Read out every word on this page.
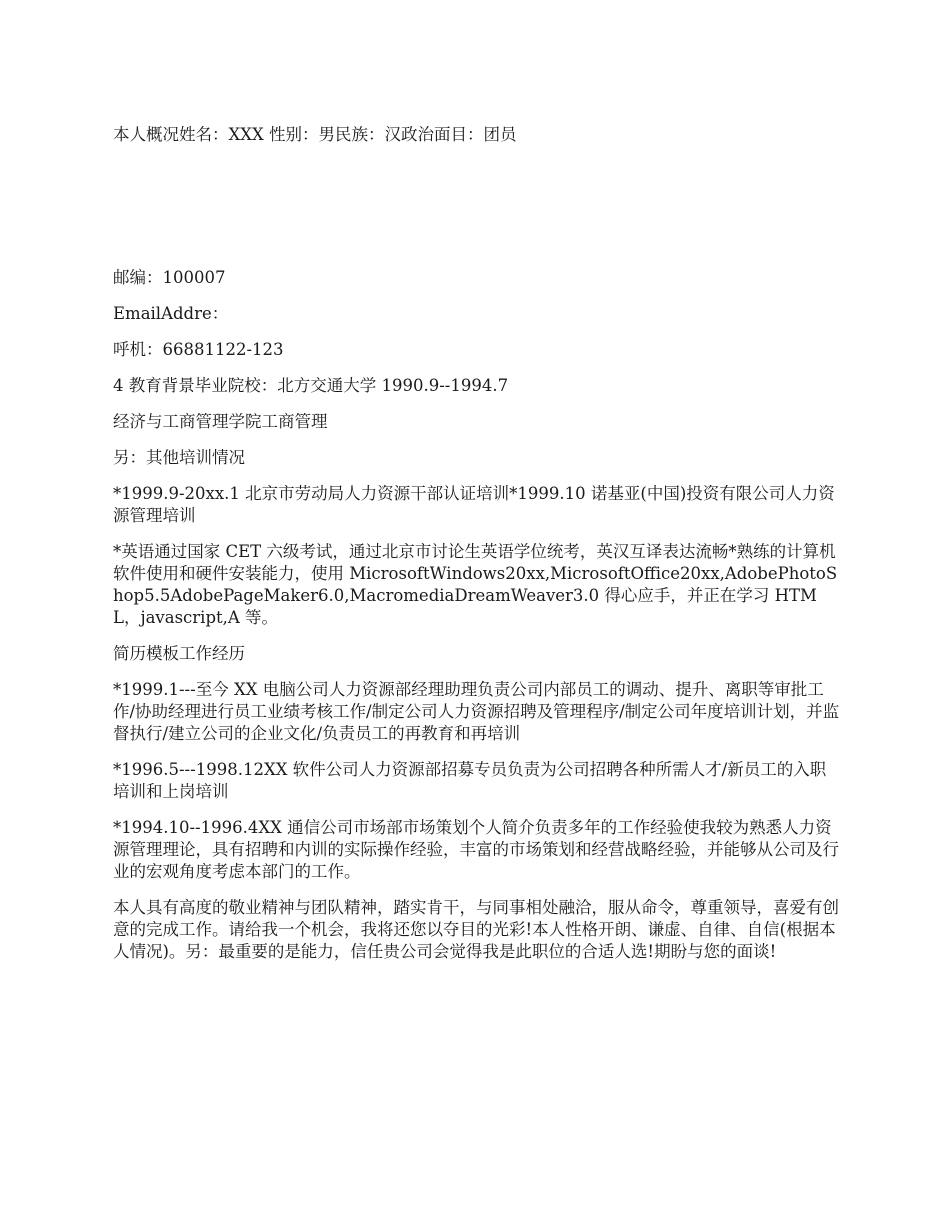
本人概况姓名：XXX 性别：男民族：汉政治面目：团员

邮编：100007

EmailAddre：

呼机：66881122-123

4 教育背景毕业院校：北方交通大学 1990.9--1994.7

经济与工商管理学院工商管理

另：其他培训情况

*1999.9-20xx.1 北京市劳动局人力资源干部认证培训*1999.10 诺基亚(中国)投资有限公司人力资源管理培训

*英语通过国家 CET 六级考试，通过北京市讨论生英语学位统考，英汉互译表达流畅*熟练的计算机软件使用和硬件安装能力，使用 MicrosoftWindows20xx,MicrosoftOffice20xx,AdobePhotoShop5.5AdobePageMaker6.0,MacromediaDreamWeaver3.0 得心应手，并正在学习 HTML，javascript,A 等。

简历模板工作经历

*1999.1---至今 XX 电脑公司人力资源部经理助理负责公司内部员工的调动、提升、离职等审批工作/协助经理进行员工业绩考核工作/制定公司人力资源招聘及管理程序/制定公司年度培训计划，并监督执行/建立公司的企业文化/负责员工的再教育和再培训

*1996.5---1998.12XX 软件公司人力资源部招募专员负责为公司招聘各种所需人才/新员工的入职培训和上岗培训

*1994.10--1996.4XX 通信公司市场部市场策划个人简介负责多年的工作经验使我较为熟悉人力资源管理理论，具有招聘和内训的实际操作经验，丰富的市场策划和经营战略经验，并能够从公司及行业的宏观角度考虑本部门的工作。

本人具有高度的敬业精神与团队精神，踏实肯干，与同事相处融洽，服从命令，尊重领导，喜爱有创意的完成工作。请给我一个机会，我将还您以夺目的光彩!本人性格开朗、谦虚、自律、自信(根据本人情况)。另：最重要的是能力，信任贵公司会觉得我是此职位的合适人选!期盼与您的面谈!
